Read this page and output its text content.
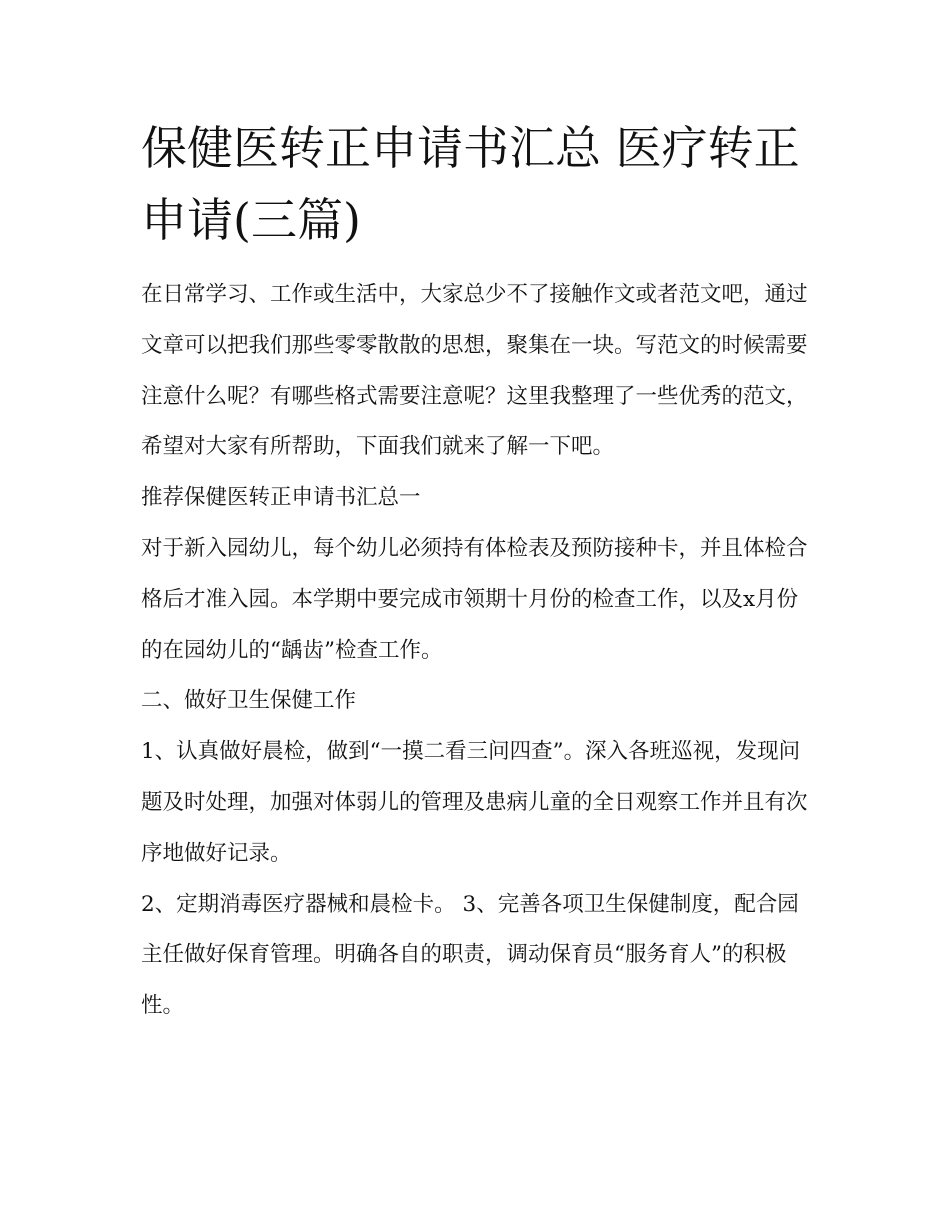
保健医转正申请书汇总 医疗转正申请(三篇)

在日常学习、工作或生活中，大家总少不了接触作文或者范文吧，通过文章可以把我们那些零零散散的思想，聚集在一块。写范文的时候需要注意什么呢？有哪些格式需要注意呢？这里我整理了一些优秀的范文，希望对大家有所帮助，下面我们就来了解一下吧。

推荐保健医转正申请书汇总一

对于新入园幼儿，每个幼儿必须持有体检表及预防接种卡，并且体检合格后才准入园。本学期中要完成市领期十月份的检查工作，以及x月份的在园幼儿的“龋齿”检查工作。

二、做好卫生保健工作

1、认真做好晨检，做到“一摸二看三问四查”。深入各班巡视，发现问题及时处理，加强对体弱儿的管理及患病儿童的全日观察工作并且有次序地做好记录。

2、定期消毒医疗器械和晨检卡。 3、完善各项卫生保健制度，配合园主任做好保育管理。明确各自的职责，调动保育员“服务育人”的积极性。
